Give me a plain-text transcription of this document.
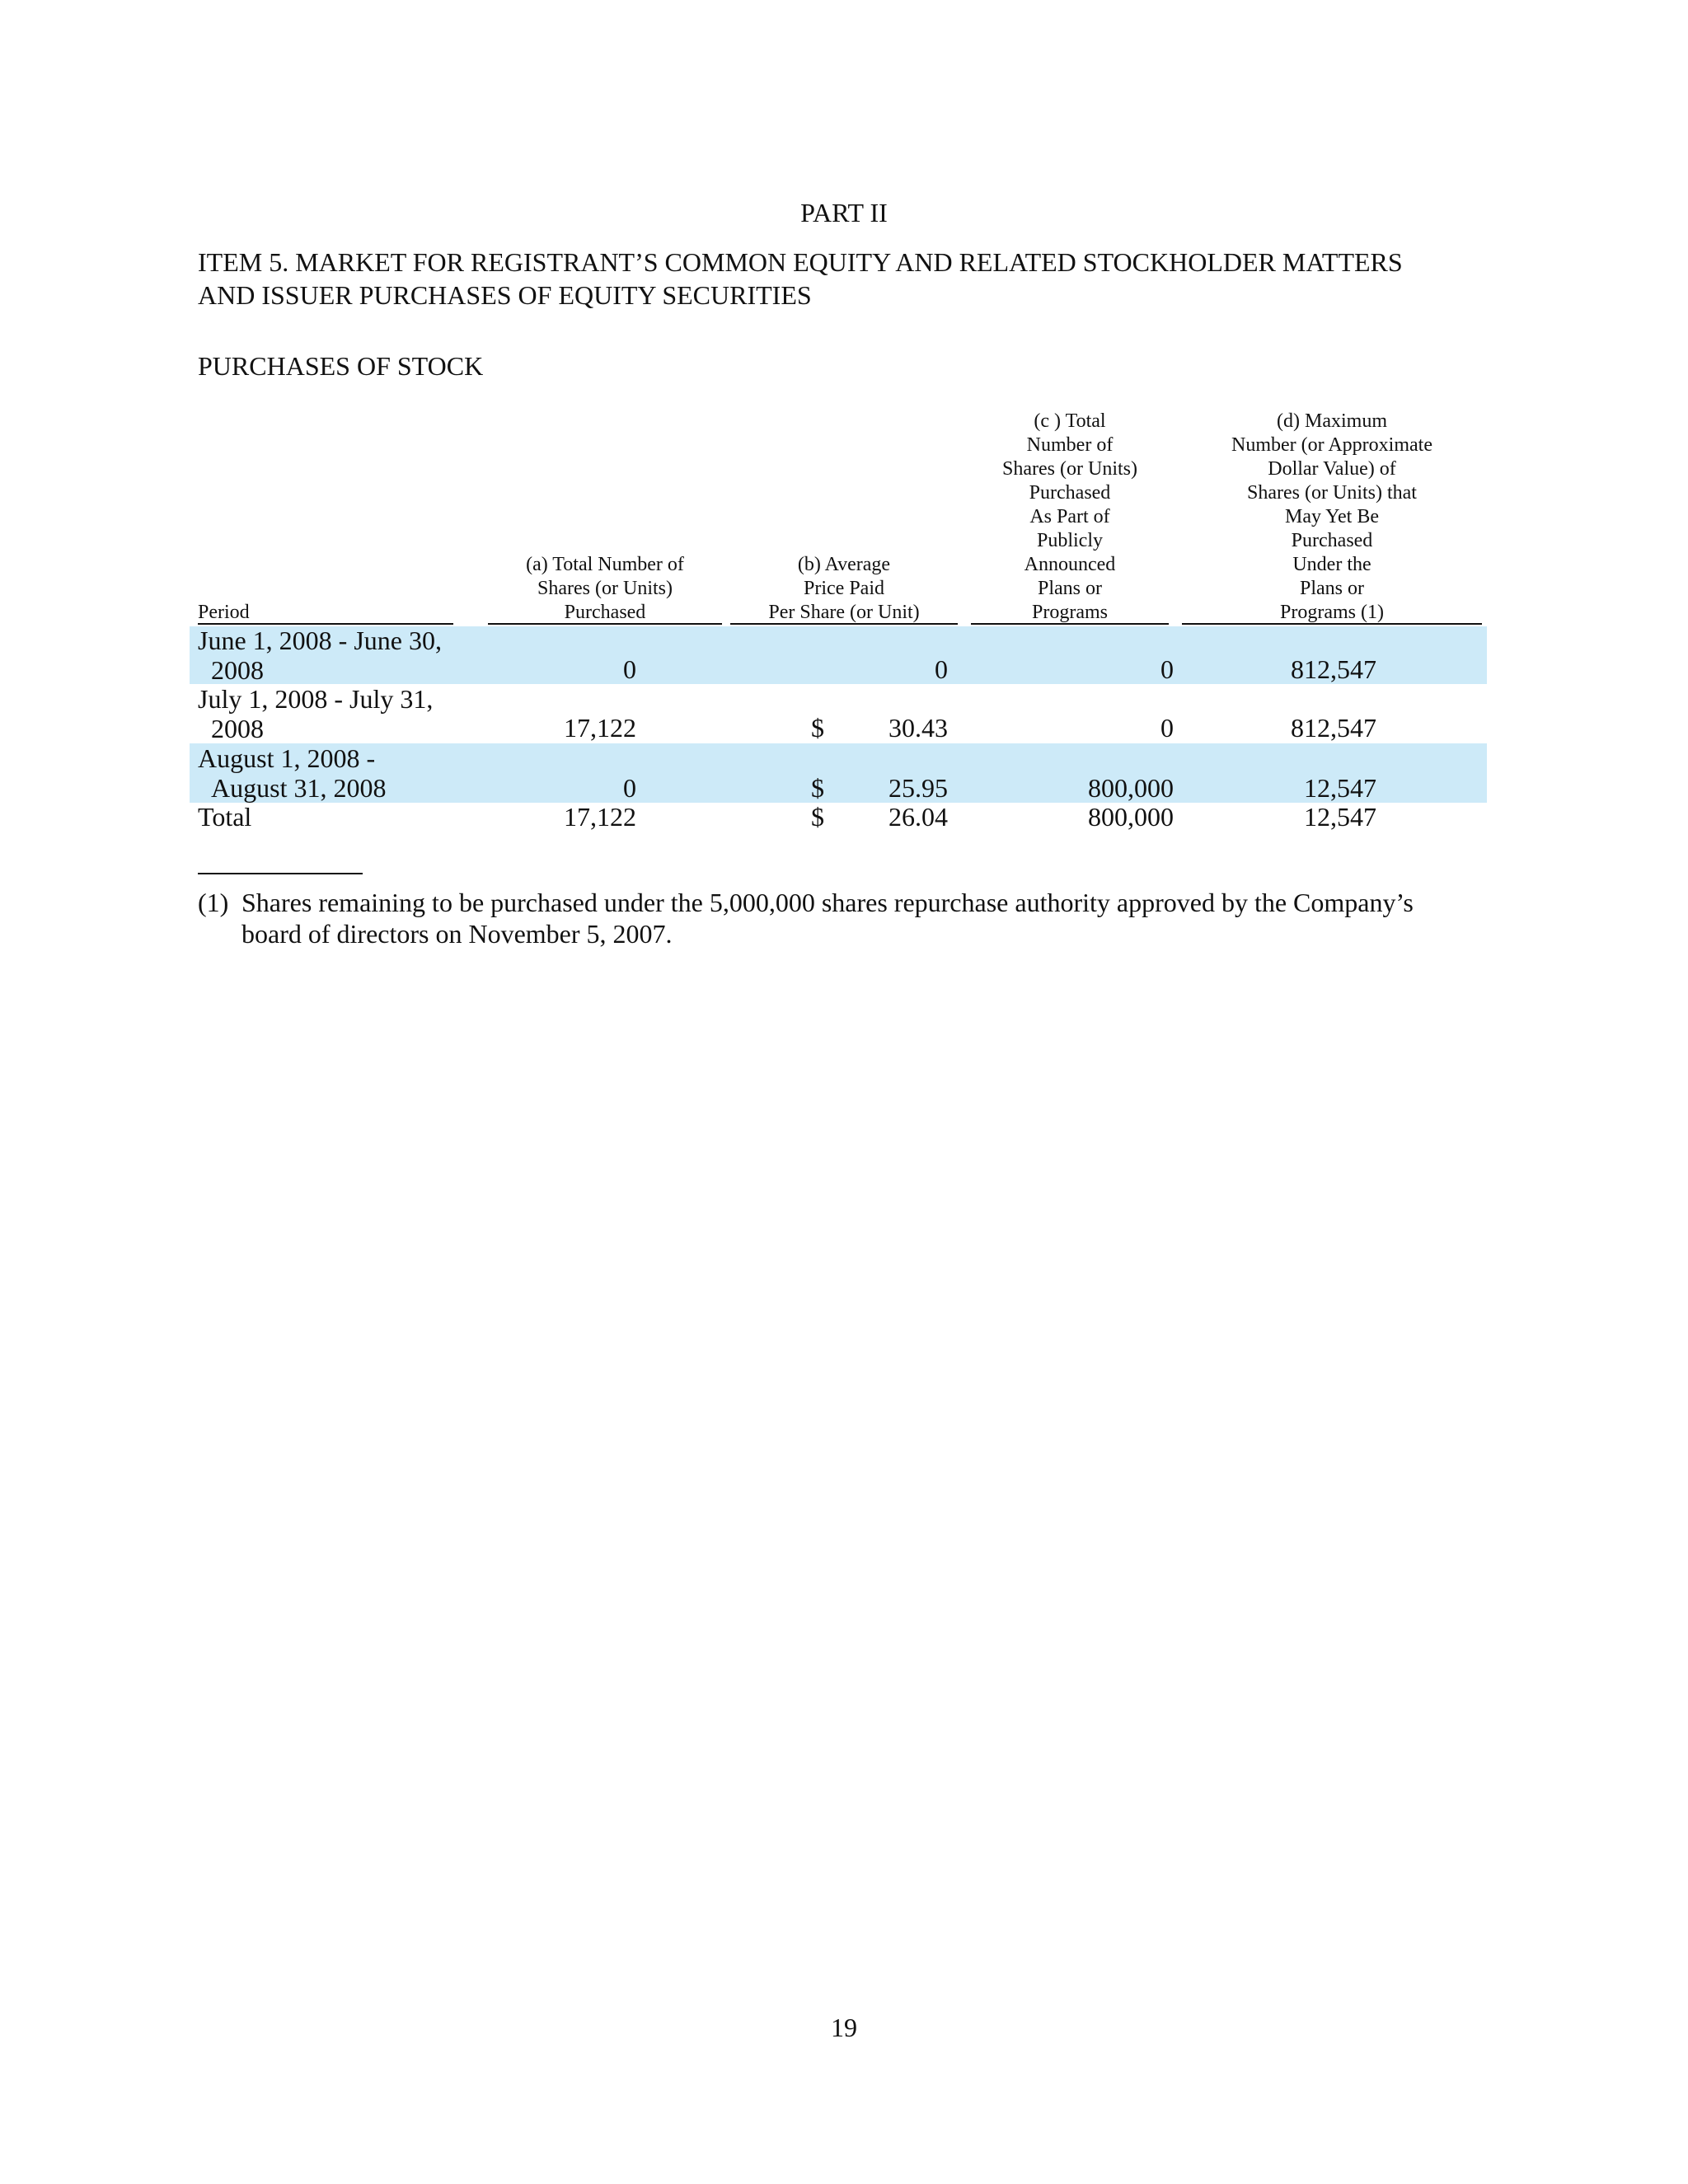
PART II
ITEM 5. MARKET FOR REGISTRANT’S COMMON EQUITY AND RELATED STOCKHOLDER MATTERS
AND ISSUER PURCHASES OF EQUITY SECURITIES
PURCHASES OF STOCK
Period
(a) Total Number of
Shares (or Units)
Purchased
(b) Average
Price Paid
Per Share (or Unit)
(c ) Total
Number of
Shares (or Units)
Purchased
As Part of
Publicly
Announced
Plans or
Programs
(d) Maximum
Number (or Approximate
Dollar Value) of
Shares (or Units) that
May Yet Be
Purchased
Under the
Plans or
Programs (1)
June 1, 2008 - June 30,
2008	0	0	0	812,547
July 1, 2008 - July 31,
2008	17,122	$ 30.43	0	812,547
August 1, 2008 -
August 31, 2008	0	$ 25.95	800,000	12,547
Total	17,122	$ 26.04	800,000	12,547
(1) Shares remaining to be purchased under the 5,000,000 shares repurchase authority approved by the Company’s board of directors on November 5, 2007.
19
